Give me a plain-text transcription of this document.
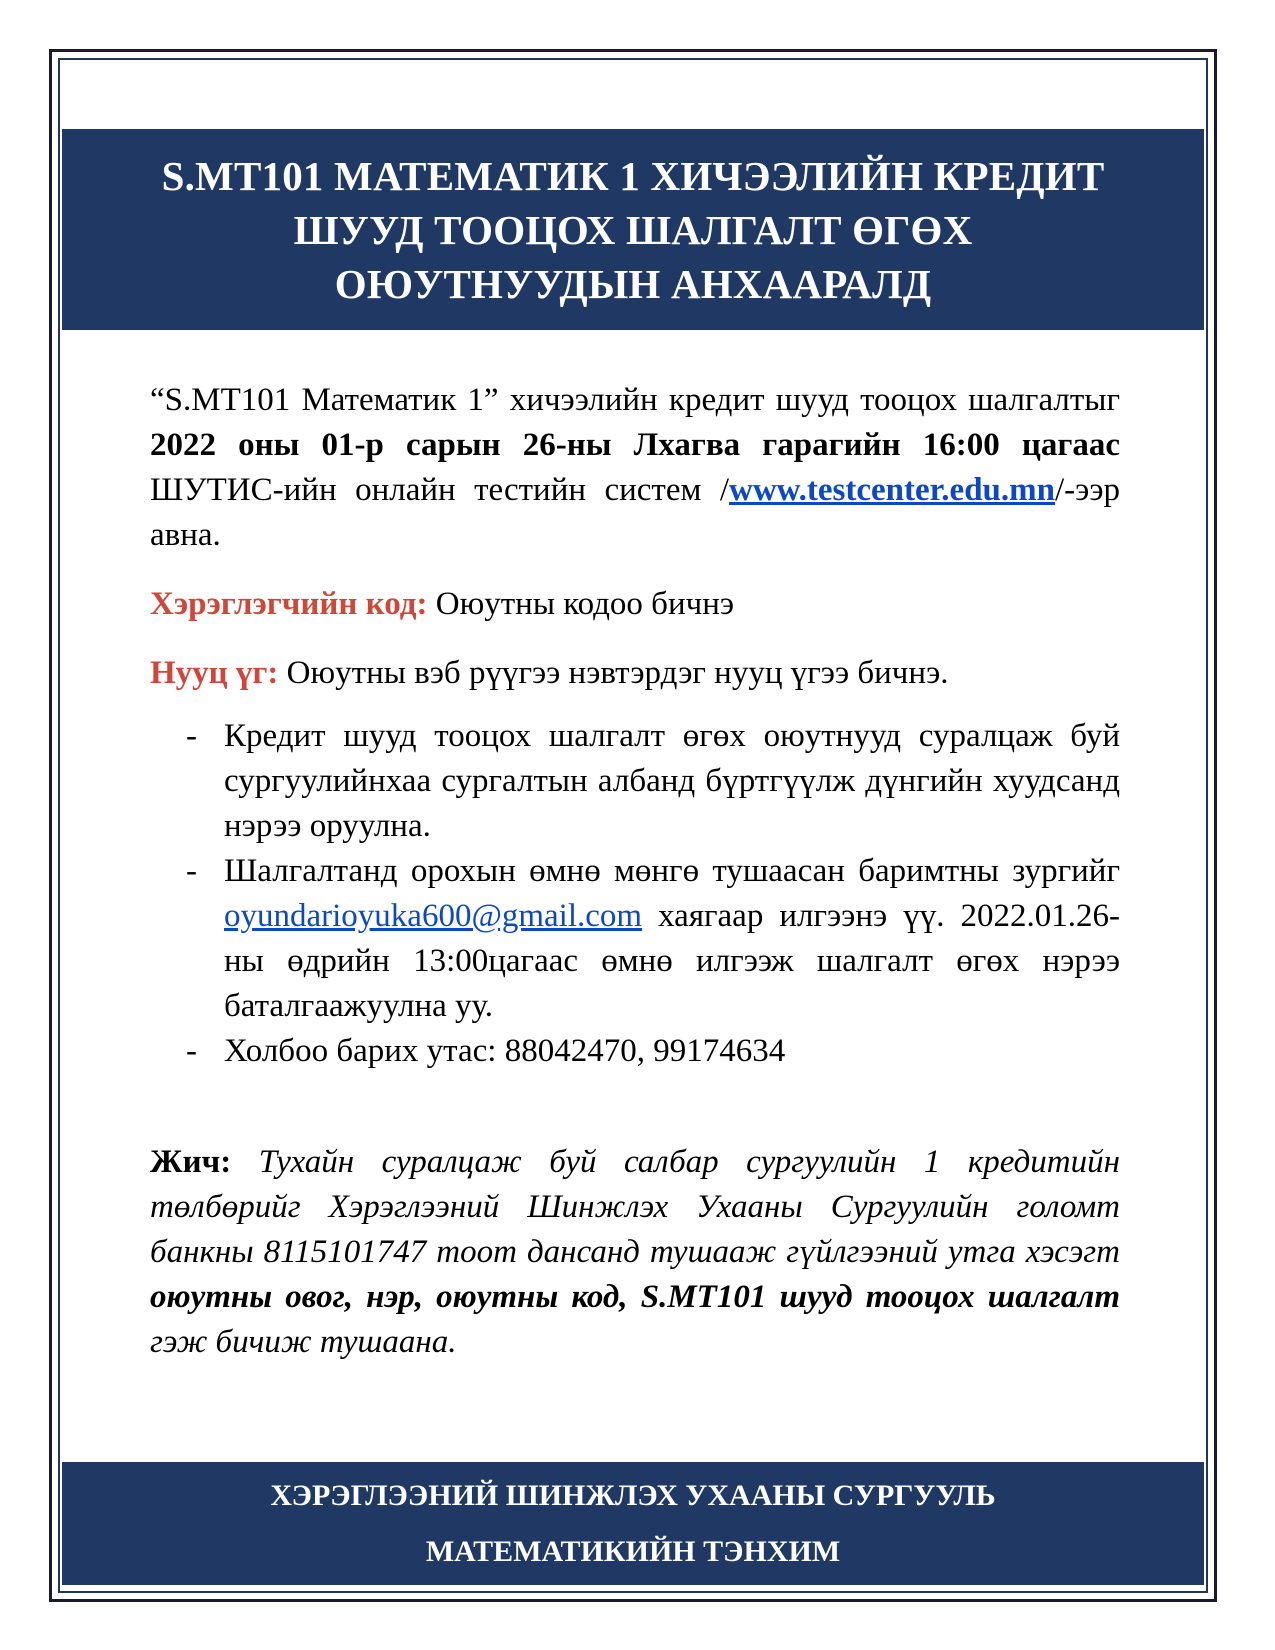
S.MT101 МАТЕМАТИК 1 ХИЧЭЭЛИЙН КРЕДИТ ШУУД ТООЦОХ ШАЛГАЛТ ӨГӨХ ОЮУТНУУДЫН АНХААРАЛД

“S.MT101 Математик 1” хичээлийн кредит шууд тооцох шалгалтыг 2022 оны 01-р сарын 26-ны Лхагва гарагийн 16:00 цагаас ШУТИС-ийн онлайн тестийн систем /www.testcenter.edu.mn/-ээр авна.

Хэрэглэгчийн код: Оюутны кодоо бичнэ

Нууц үг: Оюутны вэб рүүгээ нэвтэрдэг нууц үгээ бичнэ.

- Кредит шууд тооцох шалгалт өгөх оюутнууд суралцаж буй сургуулийнхаа сургалтын албанд бүртгүүлж дүнгийн хуудсанд нэрээ оруулна.
- Шалгалтанд орохын өмнө мөнгө тушаасан баримтны зургийг oyundarioyuka600@gmail.com хаягаар илгээнэ үү. 2022.01.26-ны өдрийн 13:00цагаас өмнө илгээж шалгалт өгөх нэрээ баталгаажуулна уу.
- Холбоо барих утас: 88042470, 99174634

Жич: Тухайн суралцаж буй салбар сургуулийн 1 кредитийн төлбөрийг Хэрэглээний Шинжлэх Ухааны Сургуулийн голомт банкны 8115101747 тоот дансанд тушааж гүйлгээний утга хэсэгт оюутны овог, нэр, оюутны код, S.MT101 шууд тооцох шалгалт гэж бичиж тушаана.

ХЭРЭГЛЭЭНИЙ ШИНЖЛЭХ УХААНЫ СУРГУУЛЬ

МАТЕМАТИКИЙН ТЭНХИМ
